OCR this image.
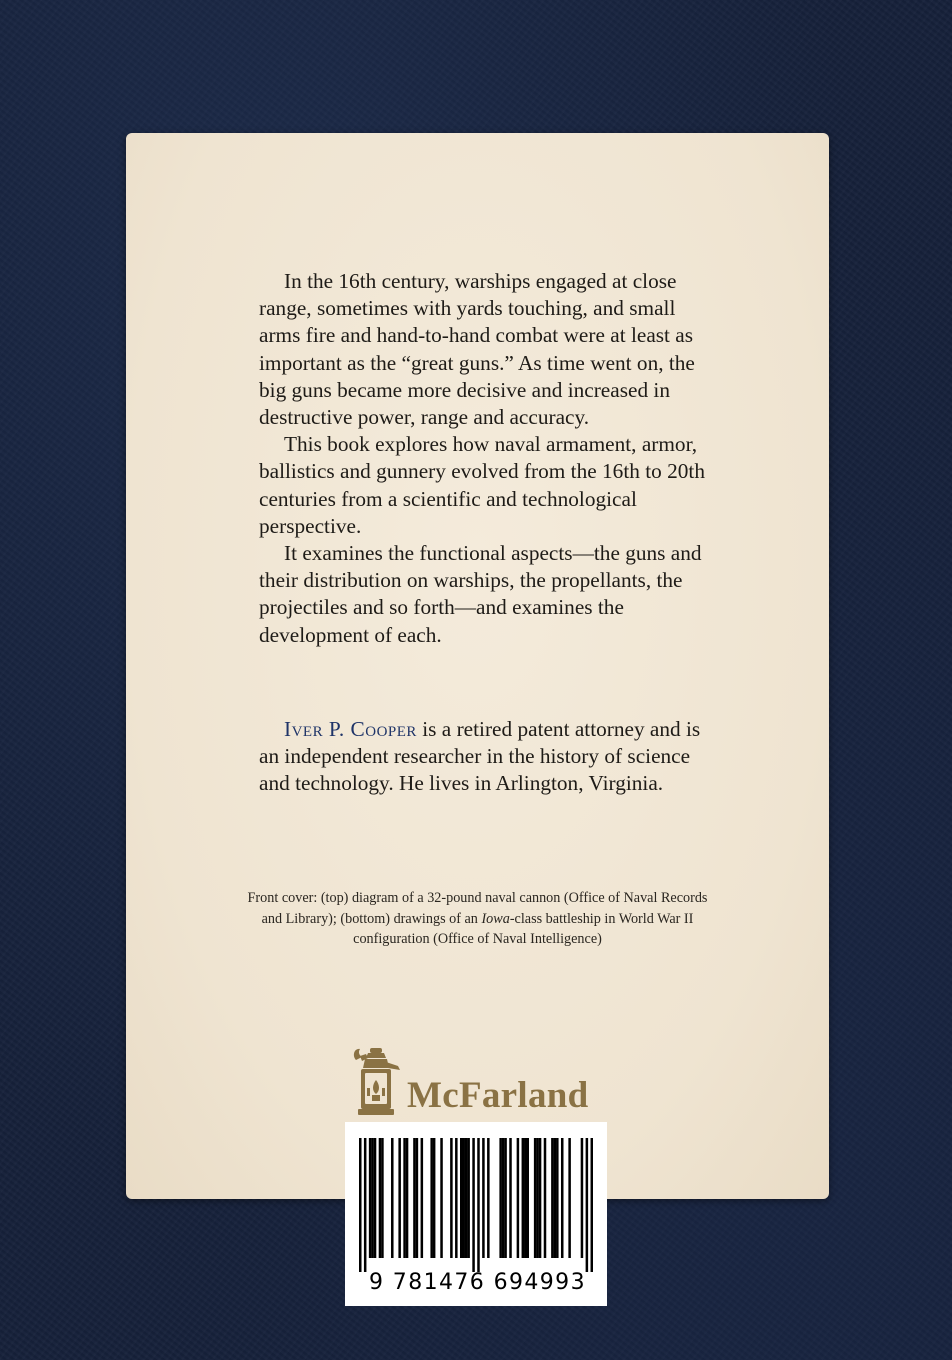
In the 16th century, warships engaged at close range, sometimes with yards touching, and small arms fire and hand-to-hand combat were at least as important as the “great guns.” As time went on, the big guns became more decisive and increased in destructive power, range and accuracy.

This book explores how naval armament, armor, ballistics and gunnery evolved from the 16th to 20th centuries from a scientific and technological perspective.

It examines the functional aspects—the guns and their distribution on warships, the propellants, the projectiles and so forth—and examines the development of each.

Iver P. Cooper is a retired patent attorney and is an independent researcher in the history of science and technology. He lives in Arlington, Virginia.

Front cover: (top) diagram of a 32-pound naval cannon (Office of Naval Records and Library); (bottom) drawings of an Iowa-class battleship in World War II configuration (Office of Naval Intelligence)

McFarland
9 781476 694993
